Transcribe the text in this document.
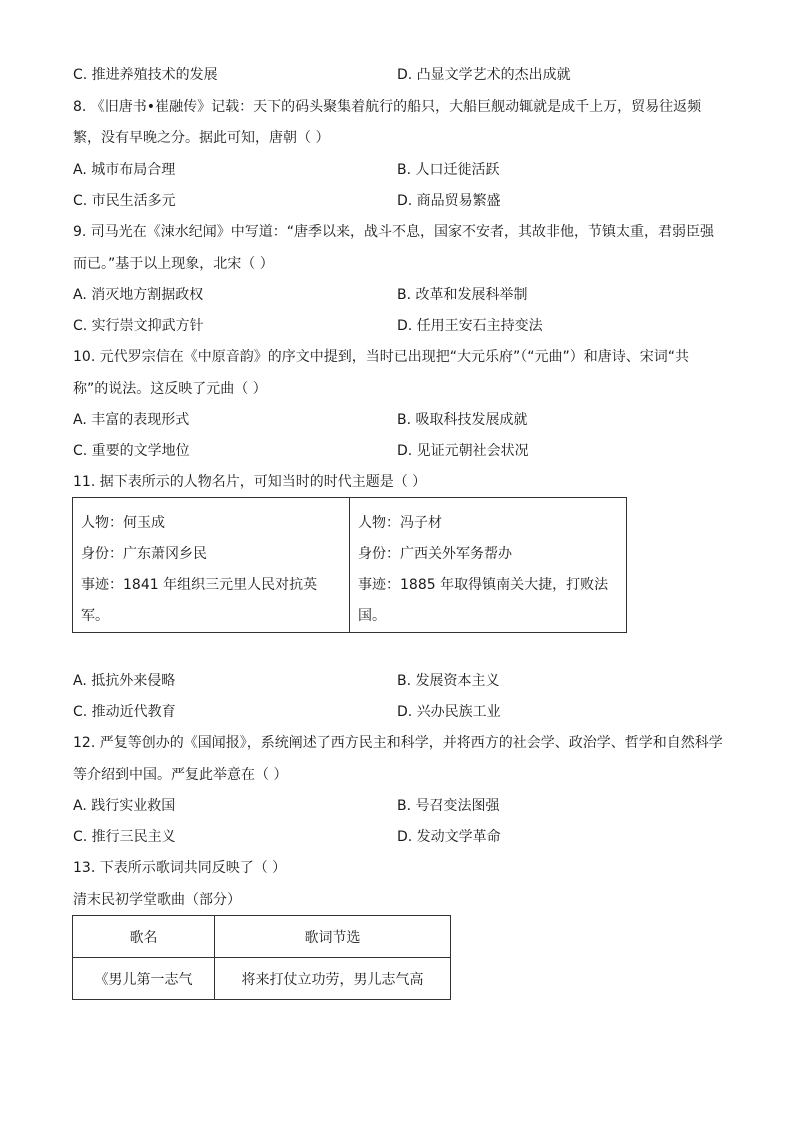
C. 推进养殖技术的发展	D. 凸显文学艺术的杰出成就
8. 《旧唐书•崔融传》记载：天下的码头聚集着航行的船只，大船巨舰动辄就是成千上万，贸易往返频
繁，没有早晚之分。据此可知，唐朝（ ）
A. 城市布局合理	B. 人口迁徙活跃
C. 市民生活多元	D. 商品贸易繁盛
9. 司马光在《涑水纪闻》中写道：“唐季以来，战斗不息，国家不安者，其故非他，节镇太重，君弱臣强
而已。”基于以上现象，北宋（ ）
A. 消灭地方割据政权	B. 改革和发展科举制
C. 实行崇文抑武方针	D. 任用王安石主持变法
10. 元代罗宗信在《中原音韵》的序文中提到，当时已出现把“大元乐府”（“元曲”）和唐诗、宋词“共
称”的说法。这反映了元曲（ ）
A. 丰富的表现形式	B. 吸取科技发展成就
C. 重要的文学地位	D. 见证元朝社会状况
11. 据下表所示的人物名片，可知当时的时代主题是（ ）
人物：何玉成
身份：广东萧冈乡民
事迹：1841 年组织三元里人民对抗英
军。

人物：冯子材
身份：广西关外军务帮办
事迹：1885 年取得镇南关大捷，打败法
国。
A. 抵抗外来侵略	B. 发展资本主义
C. 推动近代教育	D. 兴办民族工业
12. 严复等创办的《国闻报》，系统阐述了西方民主和科学，并将西方的社会学、政治学、哲学和自然科学
等介绍到中国。严复此举意在（ ）
A. 践行实业救国	B. 号召变法图强
C. 推行三民主义	D. 发动文学革命
13. 下表所示歌词共同反映了（ ）
清末民初学堂歌曲（部分）
歌名	歌词节选
《男儿第一志气	将来打仗立功劳，男儿志气高
